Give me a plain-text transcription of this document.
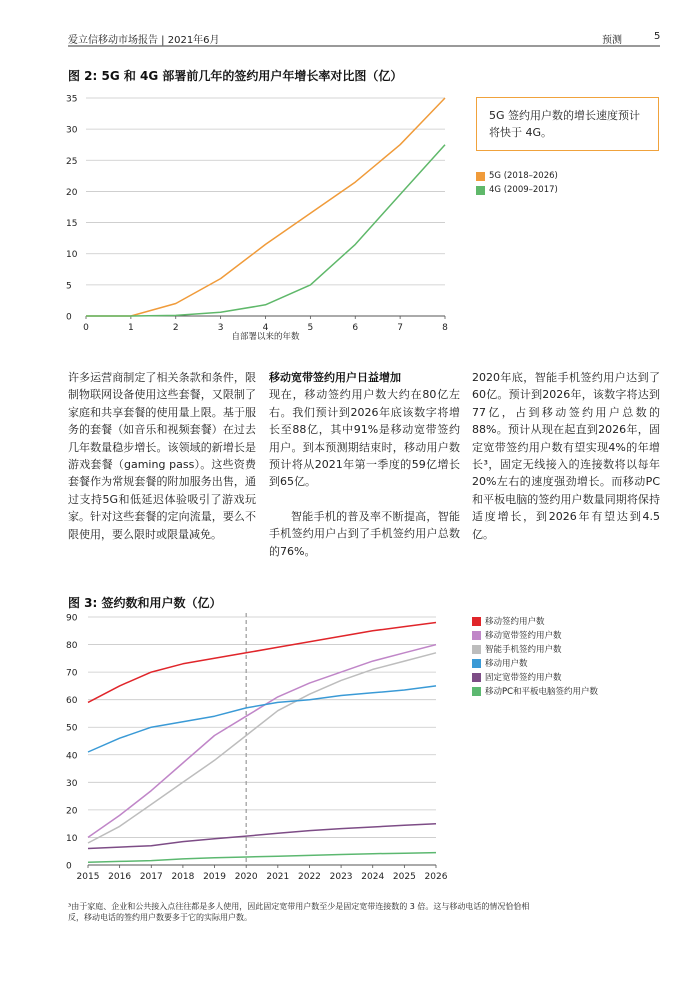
爱立信移动市场报告 | 2021年6月	预测	5
图 2: 5G 和 4G 部署前几年的签约用户年增长率对比图（亿）
0
5
10
15
20
25
30
35
0	1	2	3	4	5	6	7	8
自部署以来的年数
5G 签约用户数的增长速度预计将快于 4G。
5G (2018–2026)
4G (2009–2017)

许多运营商制定了相关条款和条件，限制物联网设备使用这些套餐，又限制了家庭和共享套餐的使用量上限。基于服务的套餐（如音乐和视频套餐）在过去几年数量稳步增长。该领域的新增长是游戏套餐（gaming pass）。这些资费套餐作为常规套餐的附加服务出售，通过支持5G和低延迟体验吸引了游戏玩家。针对这些套餐的定向流量，要么不限使用，要么限时或限量减免。

移动宽带签约用户日益增加

现在，移动签约用户数大约在80亿左右。我们预计到2026年底该数字将增长至88亿，其中91%是移动宽带签约用户。到本预测期结束时，移动用户数预计将从2021年第一季度的59亿增长到65亿。

智能手机的普及率不断提高，智能手机签约用户占到了手机签约用户总数的76%。

2020年底，智能手机签约用户达到了60亿。预计到2026年，该数字将达到77亿，占到移动签约用户总数的88%。预计从现在起直到2026年，固定宽带签约用户数有望实现4%的年增长³，固定无线接入的连接数将以每年20%左右的速度强劲增长。而移动PC和平板电脑的签约用户数量同期将保持适度增长，到2026年有望达到4.5亿。

图 3: 签约数和用户数（亿）
0
10
20
30
40
50
60
70
80
90
2015 2016 2017 2018 2019 2020 2021 2022 2023 2024 2025 2026
移动签约用户数
移动宽带签约用户数
智能手机签约用户数
移动用户数
固定宽带签约用户数
移动PC和平板电脑签约用户数
³由于家庭、企业和公共接入点往往都是多人使用，因此固定宽带用户数至少是固定宽带连接数的 3 倍。这与移动电话的情况恰恰相反，移动电话的签约用户数要多于它的实际用户数。
